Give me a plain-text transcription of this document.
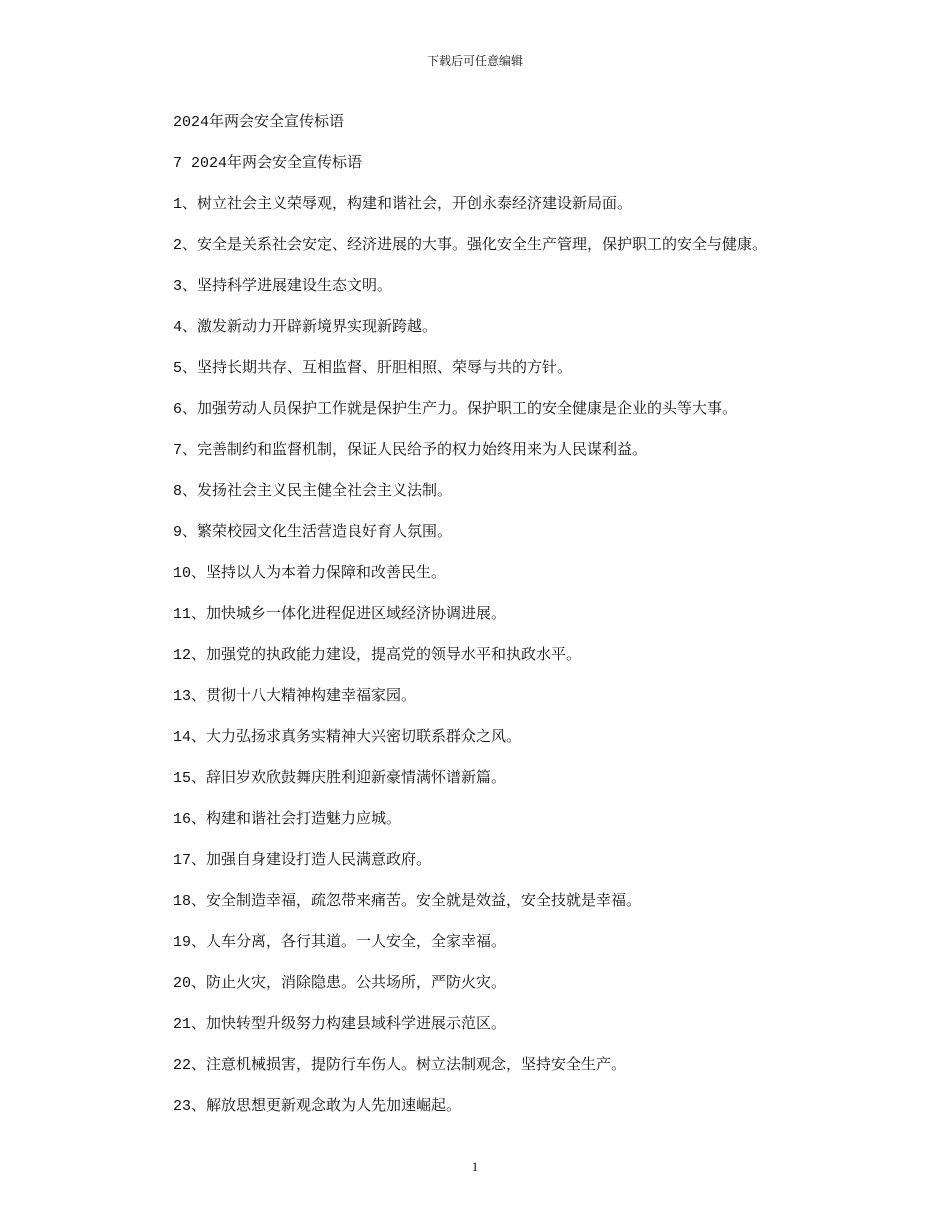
下载后可任意编辑
2024年两会安全宣传标语
7 2024年两会安全宣传标语
1、树立社会主义荣辱观，构建和谐社会，开创永泰经济建设新局面。
2、安全是关系社会安定、经济进展的大事。强化安全生产管理，保护职工的安全与健康。
3、坚持科学进展建设生态文明。
4、激发新动力开辟新境界实现新跨越。
5、坚持长期共存、互相监督、肝胆相照、荣辱与共的方针。
6、加强劳动人员保护工作就是保护生产力。保护职工的安全健康是企业的头等大事。
7、完善制约和监督机制，保证人民给予的权力始终用来为人民谋利益。
8、发扬社会主义民主健全社会主义法制。
9、繁荣校园文化生活营造良好育人氛围。
10、坚持以人为本着力保障和改善民生。
11、加快城乡一体化进程促进区域经济协调进展。
12、加强党的执政能力建设，提高党的领导水平和执政水平。
13、贯彻十八大精神构建幸福家园。
14、大力弘扬求真务实精神大兴密切联系群众之风。
15、辞旧岁欢欣鼓舞庆胜利迎新豪情满怀谱新篇。
16、构建和谐社会打造魅力应城。
17、加强自身建设打造人民满意政府。
18、安全制造幸福，疏忽带来痛苦。安全就是效益，安全技就是幸福。
19、人车分离，各行其道。一人安全，全家幸福。
20、防止火灾，消除隐患。公共场所，严防火灾。
21、加快转型升级努力构建县域科学进展示范区。
22、注意机械损害，提防行车伤人。树立法制观念，坚持安全生产。
23、解放思想更新观念敢为人先加速崛起。
1
